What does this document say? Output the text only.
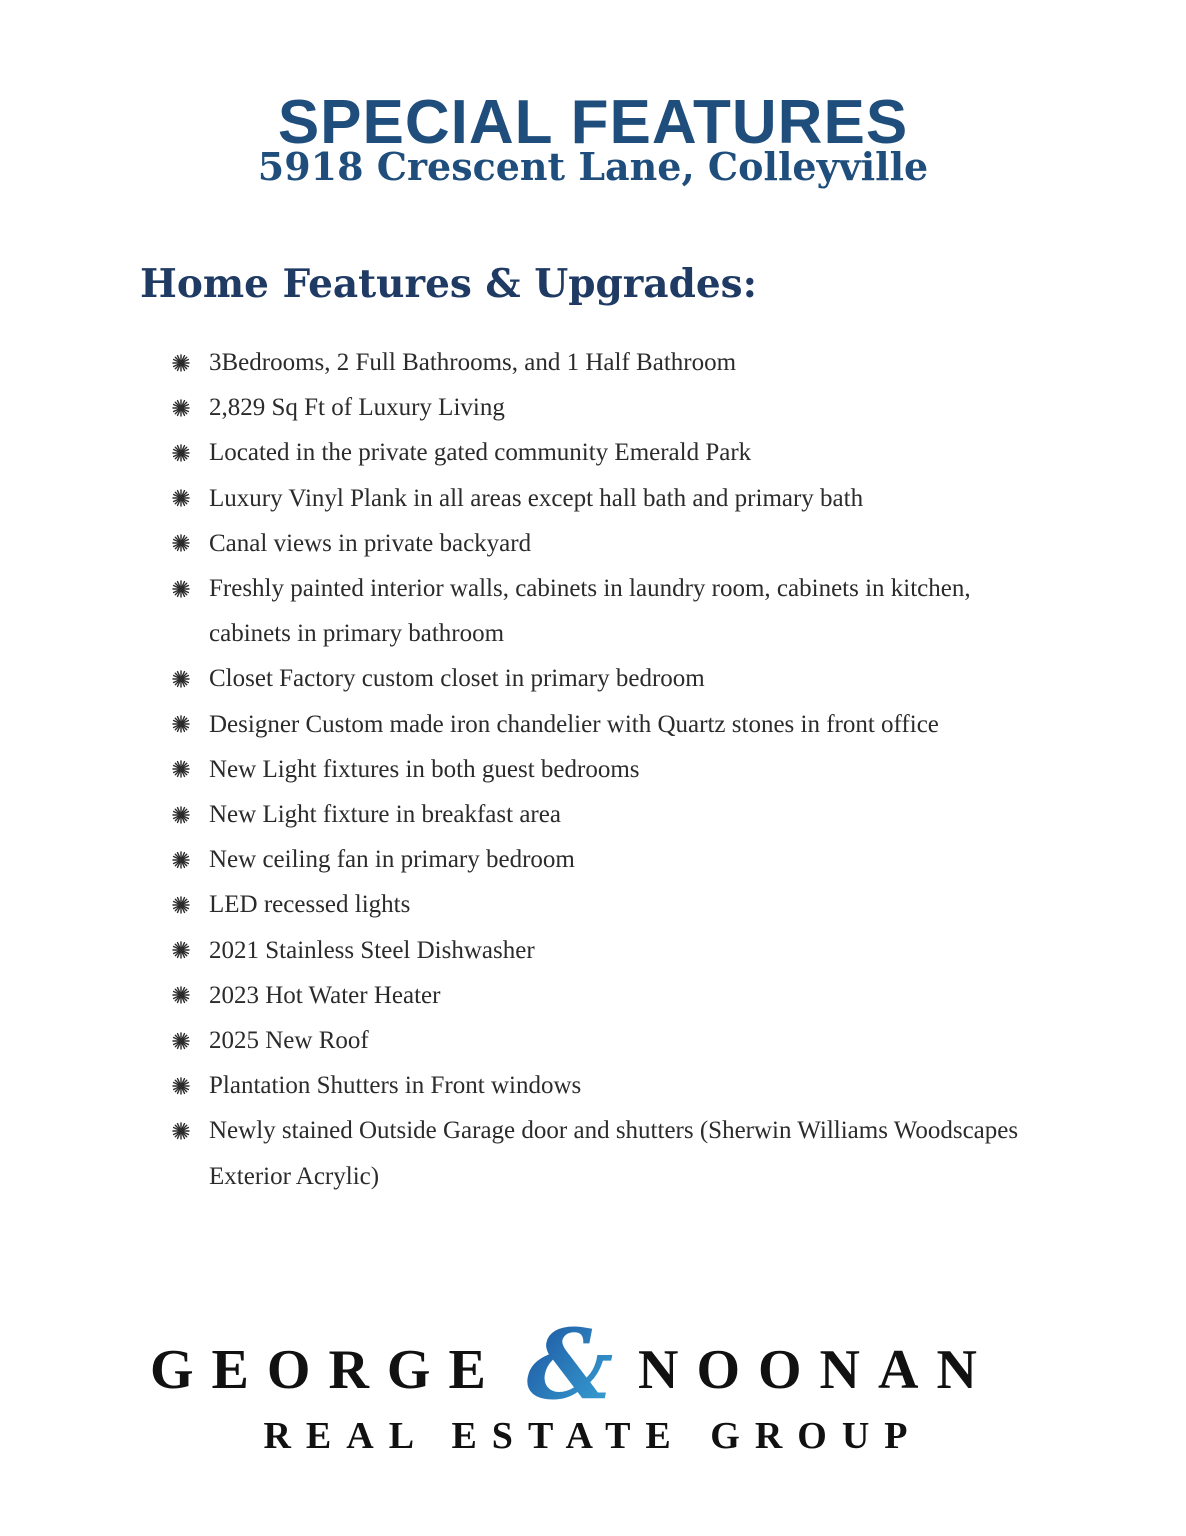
SPECIAL FEATURES
5918 Crescent Lane, Colleyville
Home Features & Upgrades:
3Bedrooms, 2 Full Bathrooms, and 1 Half Bathroom
2,829 Sq Ft of Luxury Living
Located in the private gated community Emerald Park
Luxury Vinyl Plank in all areas except hall bath and primary bath
Canal views in private backyard
Freshly painted interior walls, cabinets in laundry room, cabinets in kitchen, cabinets in primary bathroom
Closet Factory custom closet in primary bedroom
Designer Custom made iron chandelier with Quartz stones in front office
New Light fixtures in both guest bedrooms
New Light fixture in breakfast area
New ceiling fan in primary bedroom
LED recessed lights
2021 Stainless Steel Dishwasher
2023 Hot Water Heater
2025 New Roof
Plantation Shutters in Front windows
Newly stained Outside Garage door and shutters (Sherwin Williams Woodscapes Exterior Acrylic)
GEORGE & NOONAN
REAL ESTATE GROUP
